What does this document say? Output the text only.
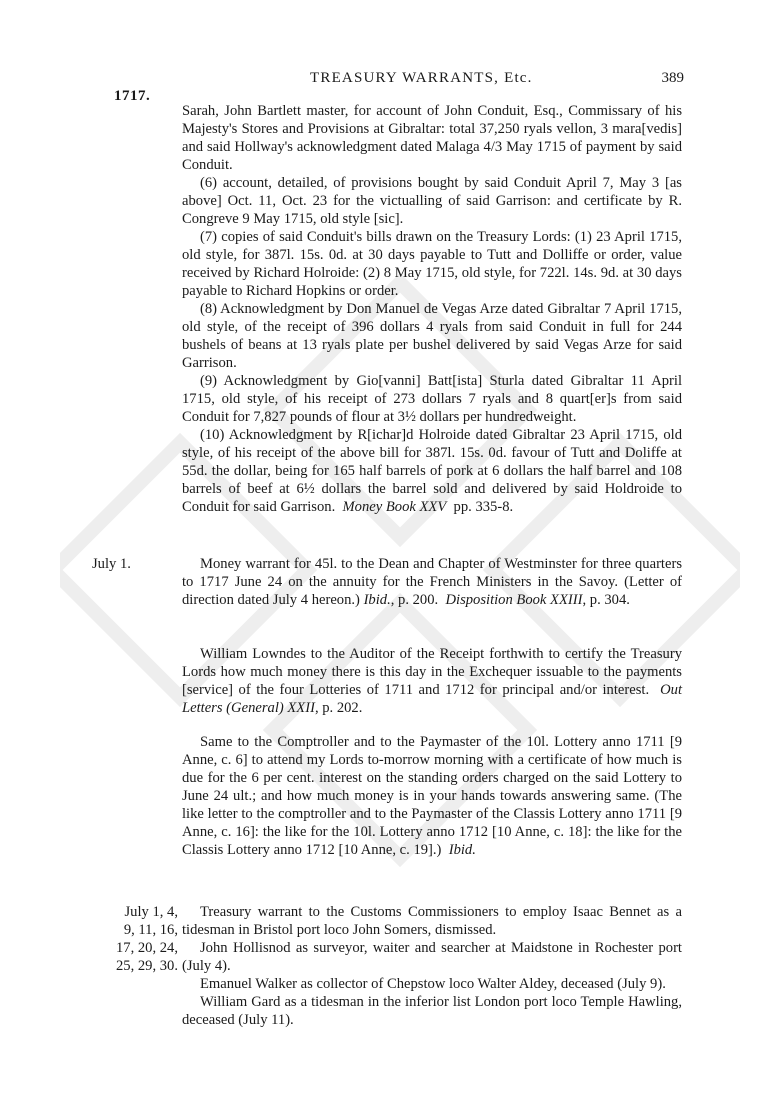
1717.
TREASURY WARRANTS, Etc.	389

Sarah, John Bartlett master, for account of John Conduit, Esq., Commissary of his Majesty's Stores and Provisions at Gibraltar: total 37,250 ryals vellon, 3 mara[vedis] and said Hollway's acknowledgment dated Malaga 4/3 May 1715 of payment by said Conduit.

(6) account, detailed, of provisions bought by said Conduit April 7, May 3 [as above] Oct. 11, Oct. 23 for the victualling of said Garrison: and certificate by R. Congreve 9 May 1715, old style [sic].

(7) copies of said Conduit's bills drawn on the Treasury Lords: (1) 23 April 1715, old style, for 387l. 15s. 0d. at 30 days payable to Tutt and Dolliffe or order, value received by Richard Holroide: (2) 8 May 1715, old style, for 722l. 14s. 9d. at 30 days payable to Richard Hopkins or order.

(8) Acknowledgment by Don Manuel de Vegas Arze dated Gibraltar 7 April 1715, old style, of the receipt of 396 dollars 4 ryals from said Conduit in full for 244 bushels of beans at 13 ryals plate per bushel delivered by said Vegas Arze for said Garrison.

(9) Acknowledgment by Gio[vanni] Batt[ista] Sturla dated Gibraltar 11 April 1715, old style, of his receipt of 273 dollars 7 ryals and 8 quart[er]s from said Conduit for 7,827 pounds of flour at 3½ dollars per hundredweight.

(10) Acknowledgment by R[ichar]d Holroide dated Gibraltar 23 April 1715, old style, of his receipt of the above bill for 387l. 15s. 0d. favour of Tutt and Doliffe at 55d. the dollar, being for 165 half barrels of pork at 6 dollars the half barrel and 108 barrels of beef at 6½ dollars the barrel sold and delivered by said Holdroide to Conduit for said Garrison. Money Book XXV pp. 335-8.

July 1.	Money warrant for 45l. to the Dean and Chapter of Westminster for three quarters to 1717 June 24 on the annuity for the French Ministers in the Savoy. (Letter of direction dated July 4 hereon.) Ibid., p. 200. Disposition Book XXIII, p. 304.

William Lowndes to the Auditor of the Receipt forthwith to certify the Treasury Lords how much money there is this day in the Exchequer issuable to the payments [service] of the four Lotteries of 1711 and 1712 for principal and/or interest. Out Letters (General) XXII, p. 202.

Same to the Comptroller and to the Paymaster of the 10l. Lottery anno 1711 [9 Anne, c. 6] to attend my Lords to-morrow morning with a certificate of how much is due for the 6 per cent. interest on the standing orders charged on the said Lottery to June 24 ult.; and how much money is in your hands towards answering same. (The like letter to the comptroller and to the Paymaster of the Classis Lottery anno 1711 [9 Anne, c. 16]: the like for the 10l. Lottery anno 1712 [10 Anne, c. 18]: the like for the Classis Lottery anno 1712 [10 Anne, c. 19].) Ibid.

July 1, 4,
9, 11, 16,
17, 20, 24,
25, 29, 30.

Treasury warrant to the Customs Commissioners to employ Isaac Bennet as a tidesman in Bristol port loco John Somers, dismissed.

John Hollisnod as surveyor, waiter and searcher at Maidstone in Rochester port (July 4).

Emanuel Walker as collector of Chepstow loco Walter Aldey, deceased (July 9).

William Gard as a tidesman in the inferior list London port loco Temple Hawling, deceased (July 11).
